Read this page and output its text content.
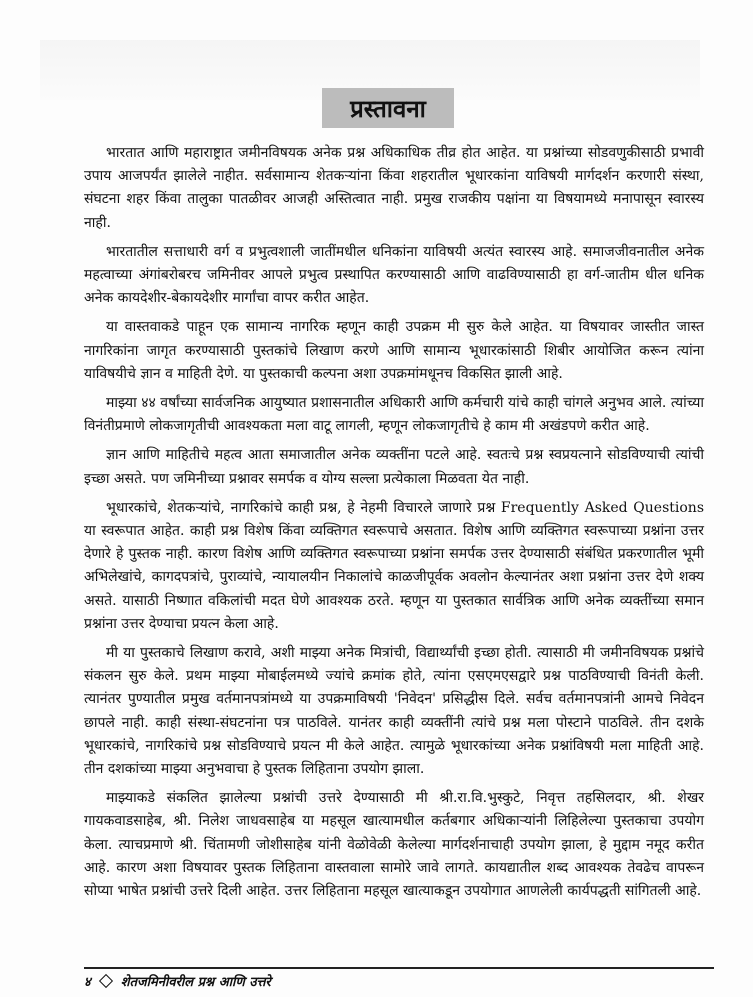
प्रस्तावना

भारतात आणि महाराष्ट्रात जमीनविषयक अनेक प्रश्न अधिकाधिक तीव्र होत आहेत. या प्रश्नांच्या सोडवणुकीसाठी प्रभावी उपाय आजपर्यंत झालेले नाहीत. सर्वसामान्य शेतकऱ्यांना किंवा शहरातील भूधारकांना याविषयी मार्गदर्शन करणारी संस्था, संघटना शहर किंवा तालुका पातळीवर आजही अस्तित्वात नाही. प्रमुख राजकीय पक्षांना या विषयामध्ये मनापासून स्वारस्य नाही.

भारतातील सत्ताधारी वर्ग व प्रभुत्वशाली जातींमधील धनिकांना याविषयी अत्यंत स्वारस्य आहे. समाजजीवनातील अनेक महत्वाच्या अंगांबरोबरच जमिनीवर आपले प्रभुत्व प्रस्थापित करण्यासाठी आणि वाढविण्यासाठी हा वर्ग-जातीम धील धनिक अनेक कायदेशीर-बेकायदेशीर मार्गांचा वापर करीत आहेत.

या वास्तवाकडे पाहून एक सामान्य नागरिक म्हणून काही उपक्रम मी सुरु केले आहेत. या विषयावर जास्तीत जास्त नागरिकांना जागृत करण्यासाठी पुस्तकांचे लिखाण करणे आणि सामान्य भूधारकांसाठी शिबीर आयोजित करून त्यांना याविषयीचे ज्ञान व माहिती देणे. या पुस्तकाची कल्पना अशा उपक्रमांमधूनच विकसित झाली आहे.

माझ्या ४४ वर्षांच्या सार्वजनिक आयुष्यात प्रशासनातील अधिकारी आणि कर्मचारी यांचे काही चांगले अनुभव आले. त्यांच्या विनंतीप्रमाणे लोकजागृतीची आवश्यकता मला वाटू लागली, म्हणून लोकजागृतीचे हे काम मी अखंडपणे करीत आहे.

ज्ञान आणि माहितीचे महत्व आता समाजातील अनेक व्यक्तींना पटले आहे. स्वतःचे प्रश्न स्वप्रयत्नाने सोडविण्याची त्यांची इच्छा असते. पण जमिनीच्या प्रश्नावर समर्पक व योग्य सल्ला प्रत्येकाला मिळवता येत नाही.

भूधारकांचे, शेतकऱ्यांचे, नागरिकांचे काही प्रश्न, हे नेहमी विचारले जाणारे प्रश्न Frequently Asked Questions या स्वरूपात आहेत. काही प्रश्न विशेष किंवा व्यक्तिगत स्वरूपाचे असतात. विशेष आणि व्यक्तिगत स्वरूपाच्या प्रश्नांना उत्तर देणारे हे पुस्तक नाही. कारण विशेष आणि व्यक्तिगत स्वरूपाच्या प्रश्नांना समर्पक उत्तर देण्यासाठी संबंधित प्रकरणातील भूमी अभिलेखांचे, कागदपत्रांचे, पुराव्यांचे, न्यायालयीन निकालांचे काळजीपूर्वक अवलोन केल्यानंतर अशा प्रश्नांना उत्तर देणे शक्य असते. यासाठी निष्णात वकिलांची मदत घेणे आवश्यक ठरते. म्हणून या पुस्तकात सार्वत्रिक आणि अनेक व्यक्तींच्या समान प्रश्नांना उत्तर देण्याचा प्रयत्न केला आहे.

मी या पुस्तकाचे लिखाण करावे, अशी माझ्या अनेक मित्रांची, विद्यार्थ्यांची इच्छा होती. त्यासाठी मी जमीनविषयक प्रश्नांचे संकलन सुरु केले. प्रथम माझ्या मोबाईलमध्ये ज्यांचे क्रमांक होते, त्यांना एसएमएसद्वारे प्रश्न पाठविण्याची विनंती केली. त्यानंतर पुण्यातील प्रमुख वर्तमानपत्रांमध्ये या उपक्रमाविषयी 'निवेदन' प्रसिद्धीस दिले. सर्वच वर्तमानपत्रांनी आमचे निवेदन छापले नाही. काही संस्था-संघटनांना पत्र पाठविले. यानंतर काही व्यक्तींनी त्यांचे प्रश्न मला पोस्टाने पाठविले. तीन दशके भूधारकांचे, नागरिकांचे प्रश्न सोडविण्याचे प्रयत्न मी केले आहेत. त्यामुळे भूधारकांच्या अनेक प्रश्नांविषयी मला माहिती आहे. तीन दशकांच्या माझ्या अनुभवाचा हे पुस्तक लिहिताना उपयोग झाला.

माझ्याकडे संकलित झालेल्या प्रश्नांची उत्तरे देण्यासाठी मी श्री.रा.वि.भुस्कुटे, निवृत्त तहसिलदार, श्री. शेखर गायकवाडसाहेब, श्री. निलेश जाधवसाहेब या महसूल खात्यामधील कर्तबगार अधिकाऱ्यांनी लिहिलेल्या पुस्तकाचा उपयोग केला. त्याचप्रमाणे श्री. चिंतामणी जोशीसाहेब यांनी वेळोवेळी केलेल्या मार्गदर्शनाचाही उपयोग झाला, हे मुद्दाम नमूद करीत आहे. कारण अशा विषयावर पुस्तक लिहिताना वास्तवाला सामोरे जावे लागते. कायद्यातील शब्द आवश्यक तेवढेच वापरून सोप्या भाषेत प्रश्नांची उत्तरे दिली आहेत. उत्तर लिहिताना महसूल खात्याकडून उपयोगात आणलेली कार्यपद्धती सांगितली आहे.

४ शेतजमिनीवरील प्रश्न आणि उत्तरे
